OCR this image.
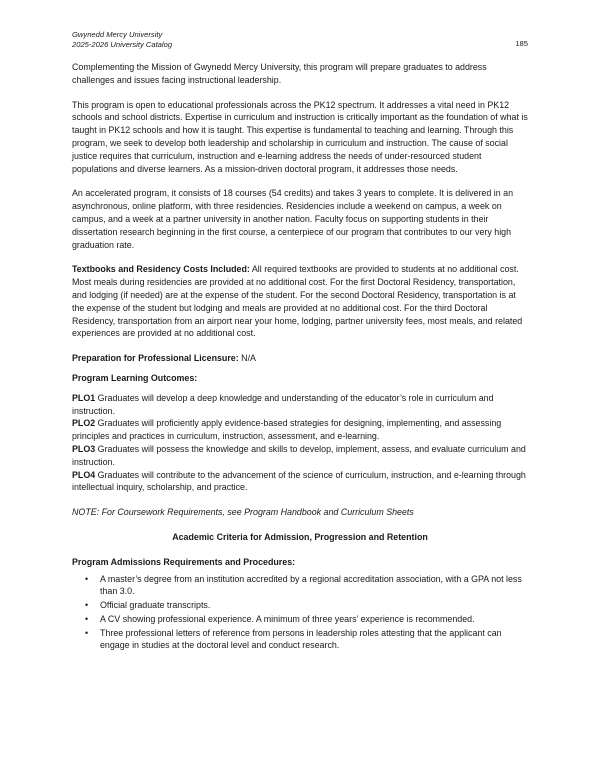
Gwynedd Mercy University
2025-2026 University Catalog	185

Complementing the Mission of Gwynedd Mercy University, this program will prepare graduates to address challenges and issues facing instructional leadership.

This program is open to educational professionals across the PK12 spectrum. It addresses a vital need in PK12 schools and school districts. Expertise in curriculum and instruction is critically important as the foundation of what is taught in PK12 schools and how it is taught. This expertise is fundamental to teaching and learning. Through this program, we seek to develop both leadership and scholarship in curriculum and instruction. The cause of social justice requires that curriculum, instruction and e-learning address the needs of under-resourced student populations and diverse learners. As a mission-driven doctoral program, it addresses those needs.

An accelerated program, it consists of 18 courses (54 credits) and takes 3 years to complete. It is delivered in an asynchronous, online platform, with three residencies. Residencies include a weekend on campus, a week on campus, and a week at a partner university in another nation. Faculty focus on supporting students in their dissertation research beginning in the first course, a centerpiece of our program that contributes to our very high graduation rate.

Textbooks and Residency Costs Included: All required textbooks are provided to students at no additional cost. Most meals during residencies are provided at no additional cost. For the first Doctoral Residency, transportation, and lodging (if needed) are at the expense of the student. For the second Doctoral Residency, transportation is at the expense of the student but lodging and meals are provided at no additional cost. For the third Doctoral Residency, transportation from an airport near your home, lodging, partner university fees, most meals, and related experiences are provided at no additional cost.

Preparation for Professional Licensure: N/A

Program Learning Outcomes:

PLO1 Graduates will develop a deep knowledge and understanding of the educator’s role in curriculum and instruction.

PLO2 Graduates will proficiently apply evidence-based strategies for designing, implementing, and assessing principles and practices in curriculum, instruction, assessment, and e-learning.

PLO3 Graduates will possess the knowledge and skills to develop, implement, assess, and evaluate curriculum and instruction.

PLO4 Graduates will contribute to the advancement of the science of curriculum, instruction, and e-learning through intellectual inquiry, scholarship, and practice.

NOTE: For Coursework Requirements, see Program Handbook and Curriculum Sheets

Academic Criteria for Admission, Progression and Retention

Program Admissions Requirements and Procedures:

• A master’s degree from an institution accredited by a regional accreditation association, with a GPA not less than 3.0.
• Official graduate transcripts.
• A CV showing professional experience. A minimum of three years’ experience is recommended.
• Three professional letters of reference from persons in leadership roles attesting that the applicant can engage in studies at the doctoral level and conduct research.
